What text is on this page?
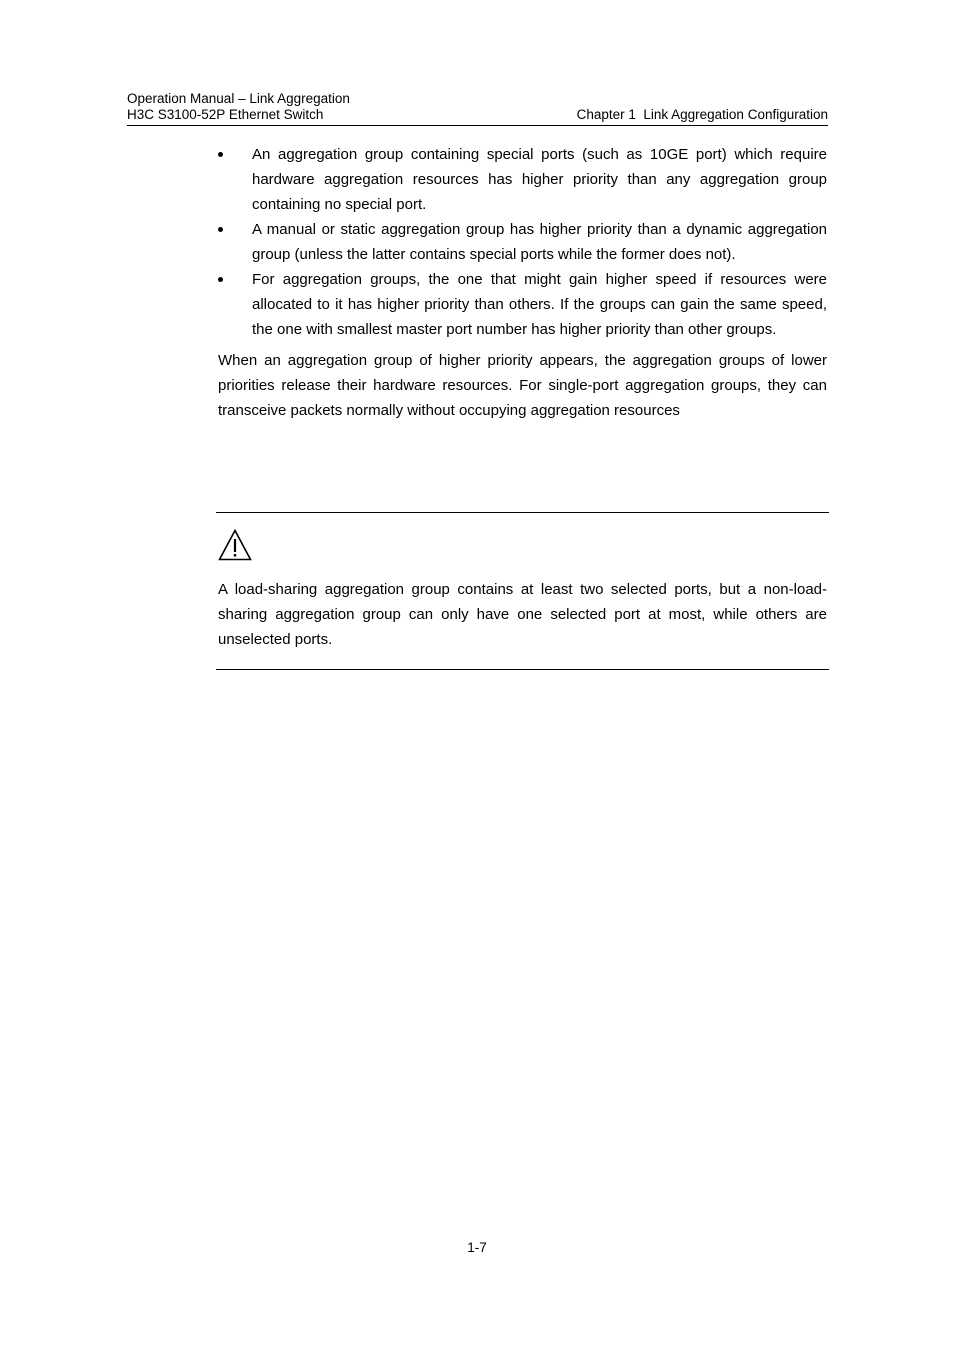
Operation Manual – Link Aggregation
H3C S3100-52P Ethernet Switch	Chapter 1  Link Aggregation Configuration
An aggregation group containing special ports (such as 10GE port) which require hardware aggregation resources has higher priority than any aggregation group containing no special port.
A manual or static aggregation group has higher priority than a dynamic aggregation group (unless the latter contains special ports while the former does not).
For aggregation groups, the one that might gain higher speed if resources were allocated to it has higher priority than others. If the groups can gain the same speed, the one with smallest master port number has higher priority than other groups.

When an aggregation group of higher priority appears, the aggregation groups of lower priorities release their hardware resources. For single-port aggregation groups, they can transceive packets normally without occupying aggregation resources

A load-sharing aggregation group contains at least two selected ports, but a non-load-sharing aggregation group can only have one selected port at most, while others are unselected ports.

1-7
